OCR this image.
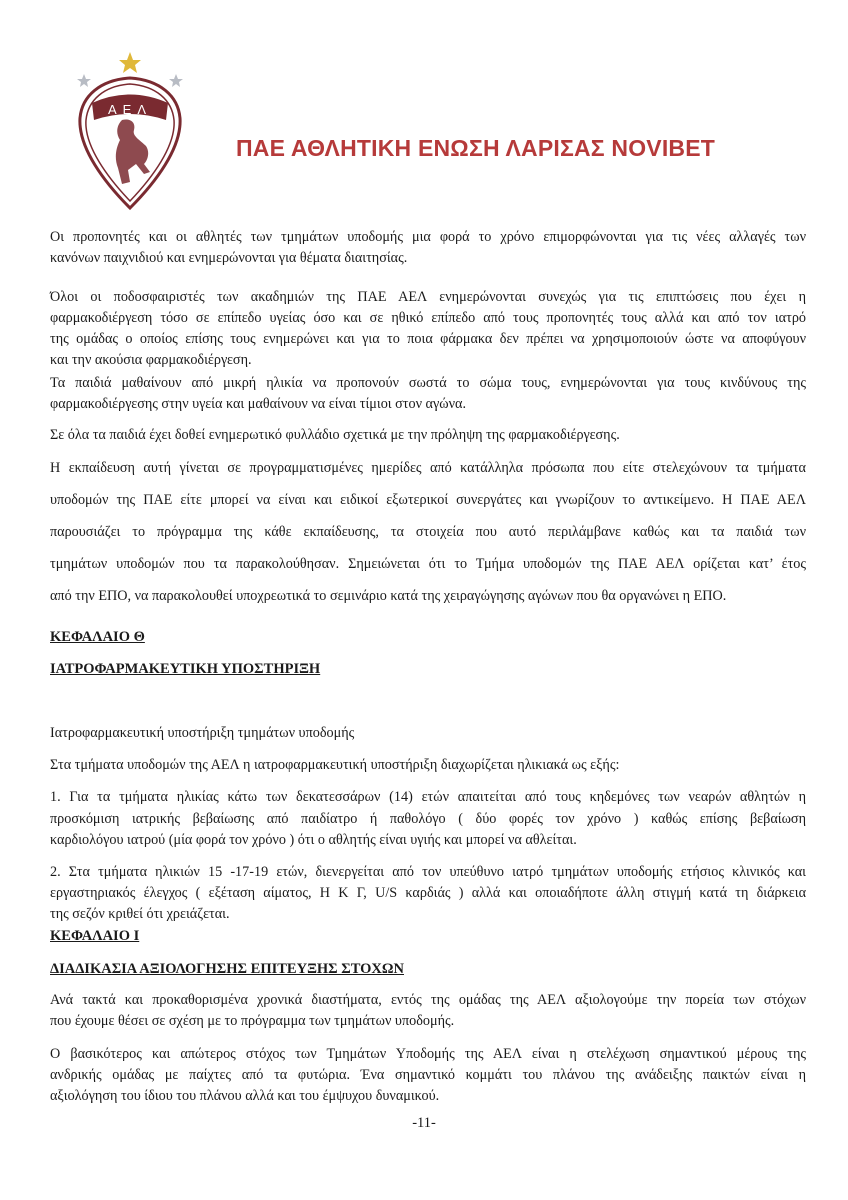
ΑΕΛ
ΠΑΕ ΑΘΛΗΤΙΚΗ ΕΝΩΣΗ ΛΑΡΙΣΑΣ NOVIBET
Οι προπονητές και οι αθλητές των τμημάτων υποδομής μια φορά το χρόνο επιμορφώνονται για τις νέες αλλαγές των
κανόνων παιχνιδιού και ενημερώνονται για θέματα διαιτησίας.
Όλοι οι ποδοσφαιριστές των ακαδημιών της ΠΑΕ ΑΕΛ ενημερώνονται συνεχώς για τις επιπτώσεις που έχει η
φαρμακοδιέργεση τόσο σε επίπεδο υγείας όσο και σε ηθικό επίπεδο από τους προπονητές τους αλλά και από τον ιατρό
της ομάδας ο οποίος επίσης τους ενημερώνει και για το ποια φάρμακα δεν πρέπει να χρησιμοποιούν ώστε να αποφύγουν
και την ακούσια φαρμακοδιέργεση.
Τα παιδιά μαθαίνουν από μικρή ηλικία να προπονούν σωστά το σώμα τους, ενημερώνονται για τους κινδύνους της
φαρμακοδιέργεσης στην υγεία και μαθαίνουν να είναι τίμιοι στον αγώνα.
Σε όλα τα παιδιά έχει δοθεί ενημερωτικό φυλλάδιο σχετικά με την πρόληψη της φαρμακοδιέργεσης.
Η εκπαίδευση αυτή γίνεται σε προγραμματισμένες ημερίδες από κατάλληλα πρόσωπα που είτε στελεχώνουν τα τμήματα
υποδομών της ΠΑΕ είτε μπορεί να είναι και ειδικοί εξωτερικοί συνεργάτες και γνωρίζουν το αντικείμενο. Η ΠΑΕ ΑΕΛ
παρουσιάζει το πρόγραμμα της κάθε εκπαίδευσης, τα στοιχεία που αυτό περιλάμβανε καθώς και τα παιδιά των
τμημάτων υποδομών που τα παρακολούθησαν. Σημειώνεται ότι το Τμήμα υποδομών της ΠΑΕ ΑΕΛ ορίζεται κατ’ έτος
από την ΕΠΟ, να παρακολουθεί υποχρεωτικά το σεμινάριο κατά της χειραγώγησης αγώνων που θα οργανώνει η ΕΠΟ.
ΚΕΦΑΛΑΙΟ Θ
ΙΑΤΡΟΦΑΡΜΑΚΕΥΤΙΚΗ ΥΠΟΣΤΗΡΙΞΗ
Ιατροφαρμακευτική υποστήριξη τμημάτων υποδομής
Στα τμήματα υποδομών της ΑΕΛ η ιατροφαρμακευτική υποστήριξη διαχωρίζεται ηλικιακά ως εξής:
1. Για τα τμήματα ηλικίας κάτω των δεκατεσσάρων (14) ετών απαιτείται από τους κηδεμόνες των νεαρών αθλητών η
προσκόμιση ιατρικής βεβαίωσης από παιδίατρο ή παθολόγο ( δύο φορές τον χρόνο ) καθώς επίσης βεβαίωση
καρδιολόγου ιατρού (μία φορά τον χρόνο ) ότι ο αθλητής είναι υγιής και μπορεί να αθλείται.
2. Στα τμήματα ηλικιών 15 -17-19 ετών, διενεργείται από τον υπεύθυνο ιατρό τμημάτων υποδομής ετήσιος κλινικός και
εργαστηριακός έλεγχος ( εξέταση αίματος, Η Κ Γ, U/S καρδιάς ) αλλά και οποιαδήποτε άλλη στιγμή κατά τη διάρκεια
της σεζόν κριθεί ότι χρειάζεται.
ΚΕΦΑΛΑΙΟ Ι
ΔΙΑΔΙΚΑΣΙΑ ΑΞΙΟΛΟΓΗΣΗΣ ΕΠΙΤΕΥΞΗΣ ΣΤΟΧΩΝ
Ανά τακτά και προκαθορισμένα χρονικά διαστήματα, εντός της ομάδας της ΑΕΛ αξιολογούμε την πορεία των στόχων
που έχουμε θέσει σε σχέση με το πρόγραμμα των τμημάτων υποδομής.
Ο βασικότερος και απώτερος στόχος των Τμημάτων Υποδομής της ΑΕΛ είναι η στελέχωση σημαντικού μέρους της
ανδρικής ομάδας με παίχτες από τα φυτώρια. Ένα σημαντικό κομμάτι του πλάνου της ανάδειξης παικτών είναι η
αξιολόγηση του ίδιου του πλάνου αλλά και του έμψυχου δυναμικού.
-11-
